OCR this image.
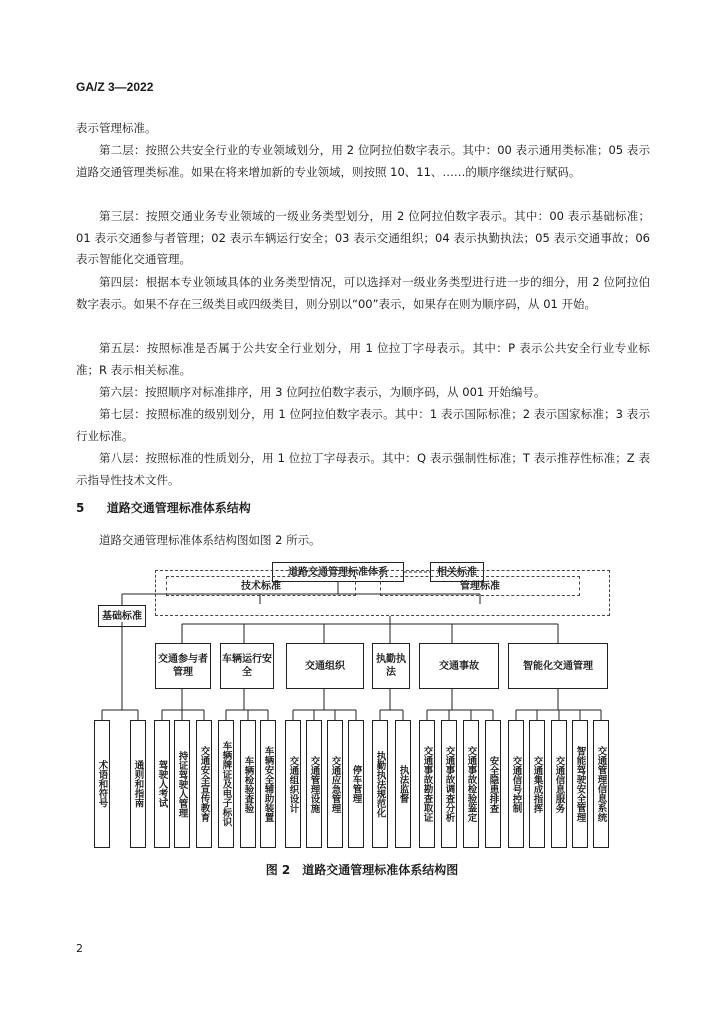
GA/Z 3—2022
表示管理标准。
第二层：按照公共安全行业的专业领域划分，用 2 位阿拉伯数字表示。其中：00 表示通用类标准；05 表示道路交通管理类标准。如果在将来增加新的专业领域，则按照 10、11、……的顺序继续进行赋码。
第三层：按照交通业务专业领域的一级业务类型划分，用 2 位阿拉伯数字表示。其中：00 表示基础标准；01 表示交通参与者管理；02 表示车辆运行安全；03 表示交通组织；04 表示执勤执法；05 表示交通事故；06 表示智能化交通管理。
第四层：根据本专业领域具体的业务类型情况，可以选择对一级业务类型进行进一步的细分，用 2 位阿拉伯数字表示。如果不存在三级类目或四级类目，则分别以“00”表示，如果存在则为顺序码，从 01 开始。
第五层：按照标准是否属于公共安全行业划分，用 1 位拉丁字母表示。其中：P 表示公共安全行业专业标准；R 表示相关标准。
第六层：按照顺序对标准排序，用 3 位阿拉伯数字表示，为顺序码，从 001 开始编号。
第七层：按照标准的级别划分，用 1 位阿拉伯数字表示。其中：1 表示国际标准；2 表示国家标准；3 表示行业标准。
第八层：按照标准的性质划分，用 1 位拉丁字母表示。其中：Q 表示强制性标准；T 表示推荐性标准；Z 表示指导性技术文件。
5 道路交通管理标准体系结构
道路交通管理标准体系结构图如图 2 所示。
道路交通管理标准体系	相关标准
基础标准
技术标准	管理标准
交通参与者管理
车辆运行安全
交通组织
执勤执法
交通事故	智能化交通管理
术语和符号	通则和指南 驾驶人考试 持证驾驶人管理 交通安全宣传教育 车辆牌证及电子标识 车辆检验查验 车辆安全辅助装置 交通组织设计 交通管理设施 交通应急管理 停车管理 执勤执法规范化 执法监督 交通事故勘查取证 交通事故调查分析 交通事故检验鉴定 安全隐患排查 交通信号控制 交通集成指挥 交通信息服务 智能驾驶安全管理 交通管理信息系统
图 2　道路交通管理标准体系结构图
2
